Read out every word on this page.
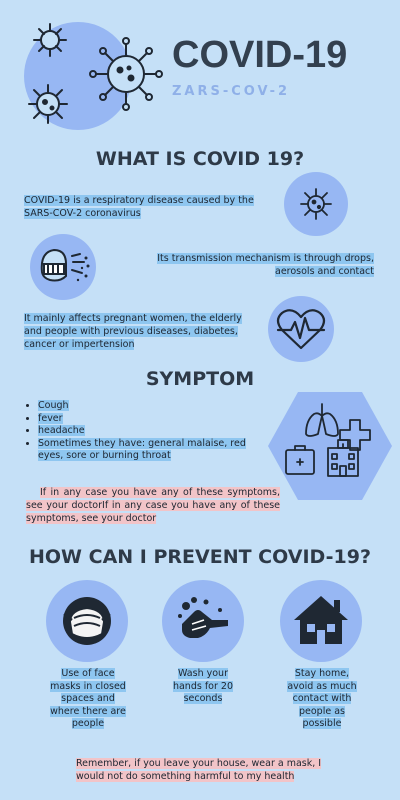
COVID-19
ZARS-COV-2
WHAT IS COVID 19?
COVID-19 is a respiratory disease caused by the SARS-COV-2 coronavirus
Its transmission mechanism is through drops, aerosols and contact
It mainly affects pregnant women, the elderly and people with previous diseases, diabetes, cancer or impertension
SYMPTOM
• Cough
• fever
• headache
• Sometimes they have: general malaise, red eyes, sore or burning throat
If in any case you have any of these symptoms, see your doctorIf in any case you have any of these symptoms, see your doctor
HOW CAN I PREVENT COVID-19?
Use of face masks in closed spaces and where there are people
Wash your hands for 20 seconds
Stay home, avoid as much contact with people as possible
Remember, if you leave your house, wear a mask, I would not do something harmful to my health
